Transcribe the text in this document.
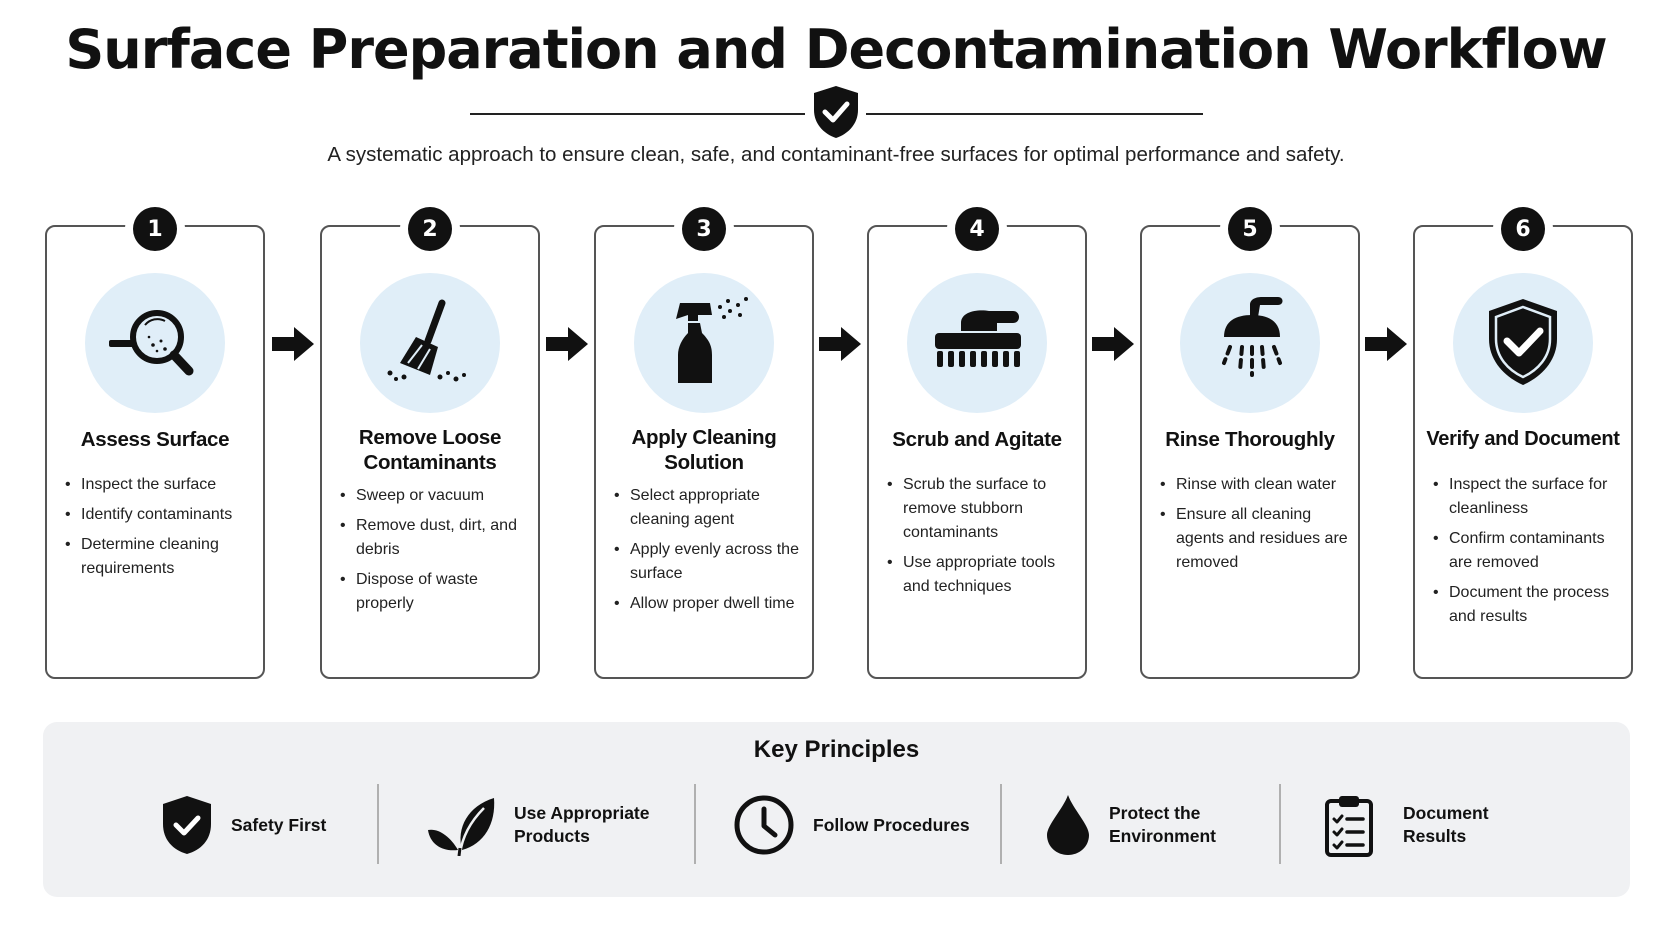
Surface Preparation and Decontamination Workflow
A systematic approach to ensure clean, safe, and contaminant-free surfaces for optimal performance and safety.
1
Assess Surface
• Inspect the surface
• Identify contaminants
• Determine cleaning requirements
2
Remove Loose Contaminants
• Sweep or vacuum
• Remove dust, dirt, and debris
• Dispose of waste properly
3
Apply Cleaning Solution
• Select appropriate cleaning agent
• Apply evenly across the surface
• Allow proper dwell time
4
Scrub and Agitate
• Scrub the surface to remove stubborn contaminants
• Use appropriate tools and techniques
5
Rinse Thoroughly
• Rinse with clean water
• Ensure all cleaning agents and residues are removed
6
Verify and Document
• Inspect the surface for cleanliness
• Confirm contaminants are removed
• Document the process and results
Key Principles
Safety First
Use Appropriate Products
Follow Procedures
Protect the Environment
Document Results
